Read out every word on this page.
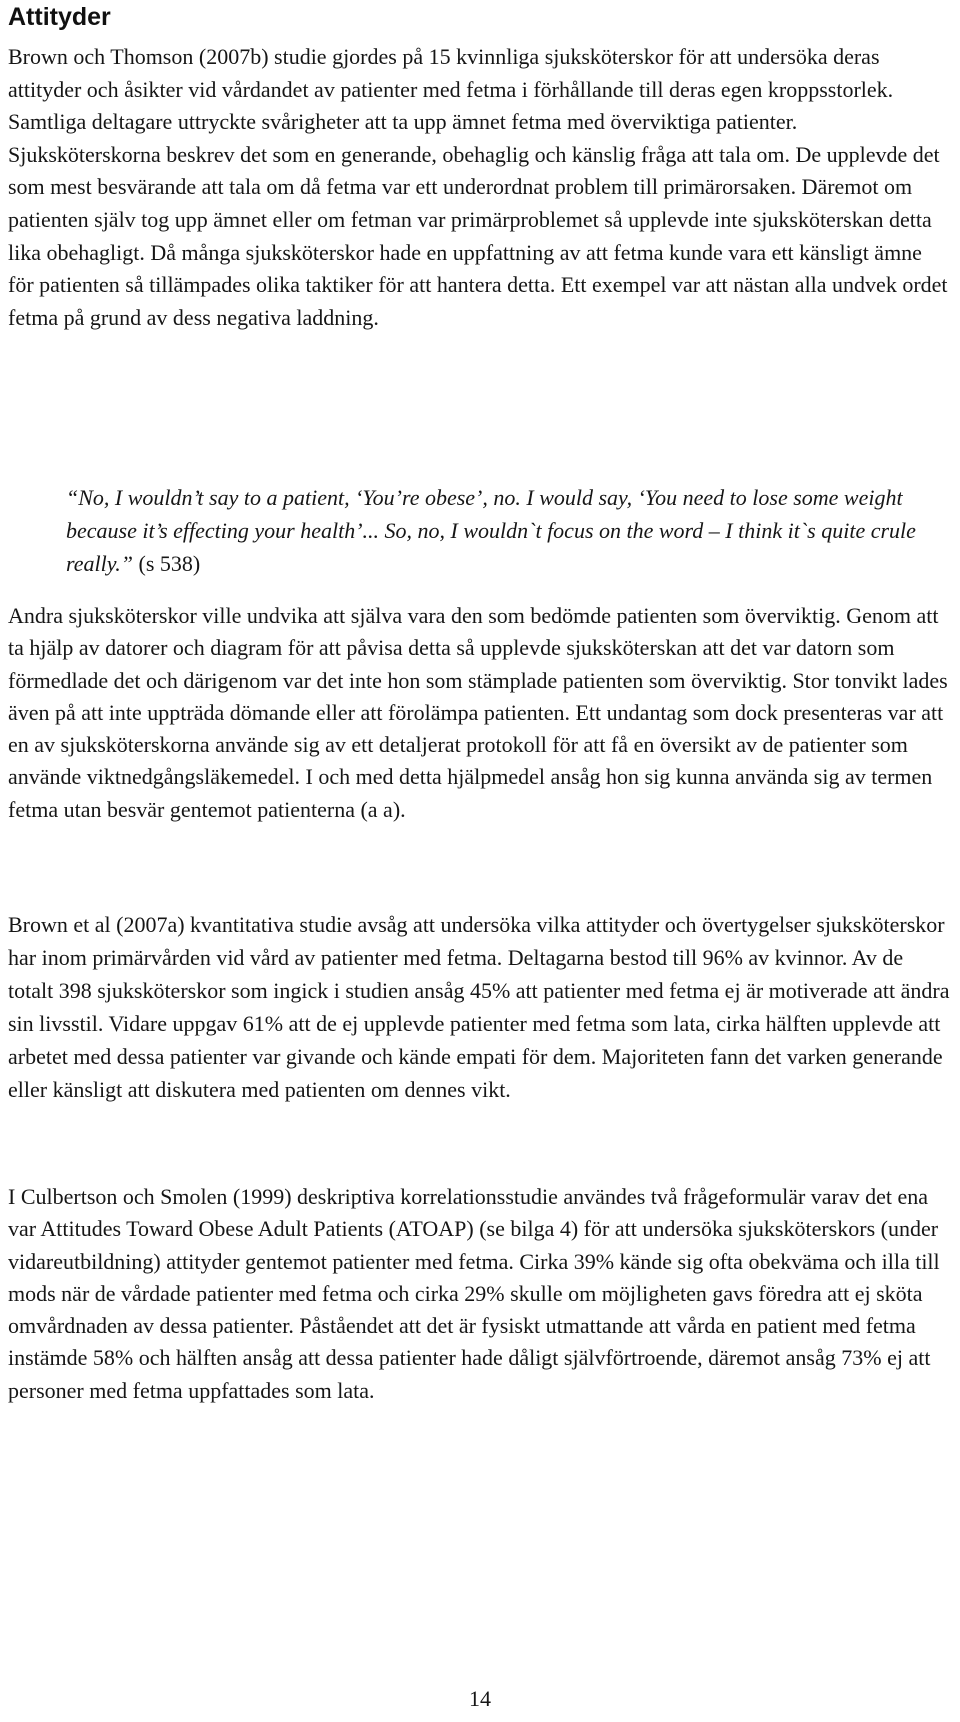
Attityder

Brown och Thomson (2007b) studie gjordes på 15 kvinnliga sjuksköterskor för att undersöka deras attityder och åsikter vid vårdandet av patienter med fetma i förhållande till deras egen kroppsstorlek. Samtliga deltagare uttryckte svårigheter att ta upp ämnet fetma med överviktiga patienter. Sjuksköterskorna beskrev det som en generande, obehaglig och känslig fråga att tala om. De upplevde det som mest besvärande att tala om då fetma var ett underordnat problem till primärorsaken. Däremot om patienten själv tog upp ämnet eller om fetman var primärproblemet så upplevde inte sjuksköterskan detta lika obehagligt. Då många sjuksköterskor hade en uppfattning av att fetma kunde vara ett känsligt ämne för patienten så tillämpades olika taktiker för att hantera detta. Ett exempel var att nästan alla undvek ordet fetma på grund av dess negativa laddning.

“No, I wouldn’t say to a patient, ‘You’re obese’, no. I would say, ‘You need to lose some weight because it’s effecting your health’... So, no, I wouldn`t focus on the word – I think it`s quite crule really.” (s 538)

Andra sjuksköterskor ville undvika att själva vara den som bedömde patienten som överviktig. Genom att ta hjälp av datorer och diagram för att påvisa detta så upplevde sjuksköterskan att det var datorn som förmedlade det och därigenom var det inte hon som stämplade patienten som överviktig. Stor tonvikt lades även på att inte uppträda dömande eller att förolämpa patienten. Ett undantag som dock presenteras var att en av sjuksköterskorna använde sig av ett detaljerat protokoll för att få en översikt av de patienter som använde viktnedgångsläkemedel. I och med detta hjälpmedel ansåg hon sig kunna använda sig av termen fetma utan besvär gentemot patienterna (a a).

Brown et al (2007a) kvantitativa studie avsåg att undersöka vilka attityder och övertygelser sjuksköterskor har inom primärvården vid vård av patienter med fetma. Deltagarna bestod till 96% av kvinnor. Av de totalt 398 sjuksköterskor som ingick i studien ansåg 45% att patienter med fetma ej är motiverade att ändra sin livsstil. Vidare uppgav 61% att de ej upplevde patienter med fetma som lata, cirka hälften upplevde att arbetet med dessa patienter var givande och kände empati för dem. Majoriteten fann det varken generande eller känsligt att diskutera med patienten om dennes vikt.

I Culbertson och Smolen (1999) deskriptiva korrelationsstudie användes två frågeformulär varav det ena var Attitudes Toward Obese Adult Patients (ATOAP) (se bilga 4) för att undersöka sjuksköterskors (under vidareutbildning) attityder gentemot patienter med fetma. Cirka 39% kände sig ofta obekväma och illa till mods när de vårdade patienter med fetma och cirka 29% skulle om möjligheten gavs föredra att ej sköta omvårdnaden av dessa patienter. Påståendet att det är fysiskt utmattande att vårda en patient med fetma instämde 58% och hälften ansåg att dessa patienter hade dåligt självförtroende, däremot ansåg 73% ej att personer med fetma uppfattades som lata.

14
